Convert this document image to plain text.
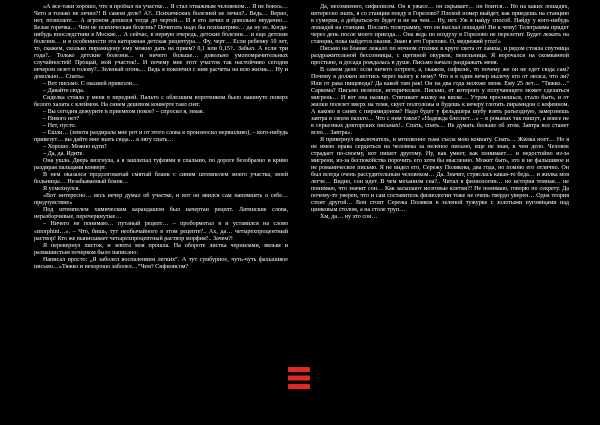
«А все-таки хорошо, что я пробыл на участке… Я стал отважным человеком… Я не боюсь… Чего я только не лечил?! В самом деле? А?.. Психических болезней не лечил?.. Ведь… Верно, нет, позвольте… А агроном допился тогда до чертей… И я его лечил и довольно неудачно… Белая горячка… Чем не психическая болезнь? Почитать надо бы психиатрию… да ну ее. Когда-нибудь впоследствии в Москве… А сейчас, в первую очередь, детские болезни… и еще детские болезни… и в особенности эта каторжная детская рецептура… Фу, черт… Если ребенку 10 лет, то, скажем, сколько пирамидону ему можно дать на прием? 0,1 или 0,15?.. Забыл. А если три года?.. Только детские болезни… и ничего больше… довольно умопомрачительных случайностей! Прощай, мой участок!.. И почему мне этот участок так настойчиво сегодня вечером лезет в голову?.. Зеленый огонь… Ведь я покончил с ним расчеты на всю жизнь… Ну и довольно… Спать»

– Вот письмо. С оказией привезли…

– Давайте сюда.

Сиделка стояла у меня в передней. Пальто с облезшим воротником было накинуто поверх белого халата с клеймом. На синем дешевом конверте таял снег.

– Вы сегодня дежурите в приемном покое? – спросил я, зевая.

– Никого нет?

– Нет, пусто.

– Ешли… (зевота раздирала мне рот и от этого слова я произносил неряшливо), – кого-нибудь привезут… вы дайте мне знать сюда… я лягу спать…

– Хорошо. Можно идти?

– Да, да. Идите.

Она ушла. Дверь визгнула, а я зашлепал туфлями в спальню, по дороге безобразно и криво раздирая пальцами конверт.

В нем оказался продолговатый смятый бланк с синим штемпелем моего участка, моей больницы… Незабываемый бланк…

Я усмехнулся.

«Вот интересно… весь вечер думал об участке, и вот он явился сам напомнить о себе… предчувствие»

Под штемпелем химическим карандашом был начертан рецепт. Латинские слова, неразборчивые, перечеркнутые…

– Ничего не понимаю… путаный рецепт… – пробормотал я и уставился на слово «morphini…». – Что, бишь, тут необычайного в этом рецепте?.. Ах, да… четырехпроцентный раствор! Кто же выписывает четырехпроцентный раствор морфия?.. Зачем?!

Я перевернул листок, и зевота моя прошла. На обороте листка чернилами, вялым и размашистым почерком было написано:

Написал просто: „Я заболел воспалением легких“. А тут сумбурное, чуть-чуть фальшивое письмо…»Тяжко и нехорошо заболел…“Чем? Сифилисом?

Да, несомненно, сифилисом. Он в ужасе… он скрывает… он боится… Но на каких лошадях, интересно знать, я со станции поеду в Горелово? Плохой номер выйдет, как приедешь на станцию в сумерки, а добраться-то будет и не на чем… Ну, нет. Уж я найду способ. Найду у кого-нибудь лошадей на станции. Послать телеграмму, что он выслал лошадей! Ни к чему! Телеграмма придет через день после моего приезда… Она ведь по воздуху в Горелово не перелетит. Будет лежать на станции, пока найдется оказия. Знаю я это Горелово. О, медвежий угол!»

Письмо на бланке лежало по ночном столике в круге света от лампы, и рядом стояла спутница раздражительной бессонницы, с щетиной окурков, пепельница. Я ворочался на скомканной простыне, и досада рождалась в душе. Письмо начало раздражать меня.

В самом деле: если ничего острого, а, скажем, сифилис, то почему же он не едет сюда сам? Почему я должен нестись через вьюгу к нему? Что я в один вечер вылечу его от люэса, что ли? Или от рака пищевода? Да какой там рак! Он на два года моложе меня. Ему 25 лет… "Тяжко…" Саркома? Письмо нелепое, истерическое. Письмо, от которого у получающего может сделаться мигрень… И вот она налицо. Стягивает жилку на виске… Утром проснешься, стало быть, и от жилки полезет вверх на темя, скует полголовы и будешь к вечеру глотать пирамидон с кофеином. А каково в санях с пирамидоном? Надо будет у фельдшера шубу взять разъездную, замерзнешь завтра в своем пальто… Что с ним такое? «Надежда блеснет…» – в романах так пишут, а вовсе не в серьезных докторских письмах!.. Спать, спать… Не думать больше об этом. Завтра все станет ясно… Завтра».

Я привернул выключатель, и мгновенно тьма съела мою комнату. Спать… Жилка ноет… Но я не имею права сердиться на человека за нелепое письмо, еще не зная, в чем дело. Человек страдает по-своему, вот пишет другому. Ну, как умеет, как понимает… и недостойно из-за мигрени, из-за беспокойства порочить его хотя бы мысленно. Может быть, это и не фальшивое и не романическое письмо. Я не видел его, Сережу Полякова, два года, но помню его отлично. Он был всегда очень рассудительным человеком… Да. Значит, стряслась какая-то беда… и жилка моя легче… Видно, сон идет. В чем механизм сна?.. Читал в физиологии… но история темная… не понимаю, что значит сон… Как засыпают мозговые клетки?! Не понимаю, говорю по секрету. Да почему-то уверен, что и сам составитель физиологии тоже не очень твердо уверен… Одна теория стоит другой… Вон стоит Сережа Поляков в зеленой тужурке с золотыми пуговицами над цинковым столом, а на столе труп…

Хм, да… ну это сон…
